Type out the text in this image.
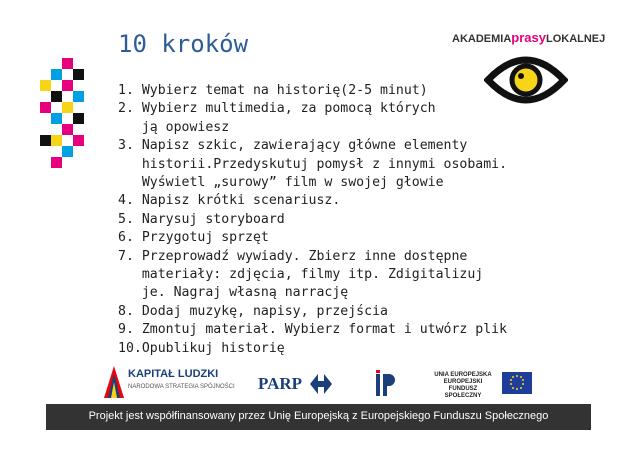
10 kroków	AKADEMIAprasyLOKALNEJ
1. Wybierz temat na historię(2-5 minut)
2. Wybierz multimedia, za pomocą których
ją opowiesz
3. Napisz szkic, zawierający główne elementy
historii.Przedyskutuj pomysł z innymi osobami.
Wyświetl „surowy” film w swojej głowie
4. Napisz krótki scenariusz.
5. Narysuj storyboard
6. Przygotuj sprzęt
7. Przeprowadź wywiady. Zbierz inne dostępne
materiały: zdjęcia, filmy itp. Zdigitalizuj
je. Nagraj własną narrację
8. Dodaj muzykę, napisy, przejścia
9. Zmontuj materiał. Wybierz format i utwórz plik
10.Opublikuj historię
KAPITAŁ LUDZKI
NARODOWA STRATEGIA SPÓJNOŚCI PARP	UNIA EUROPEJSKA EUROPEJSKI FUNDUSZ SPOŁECZNY
Projekt jest współfinansowany przez Unię Europejską z Europejskiego Funduszu Społecznego
